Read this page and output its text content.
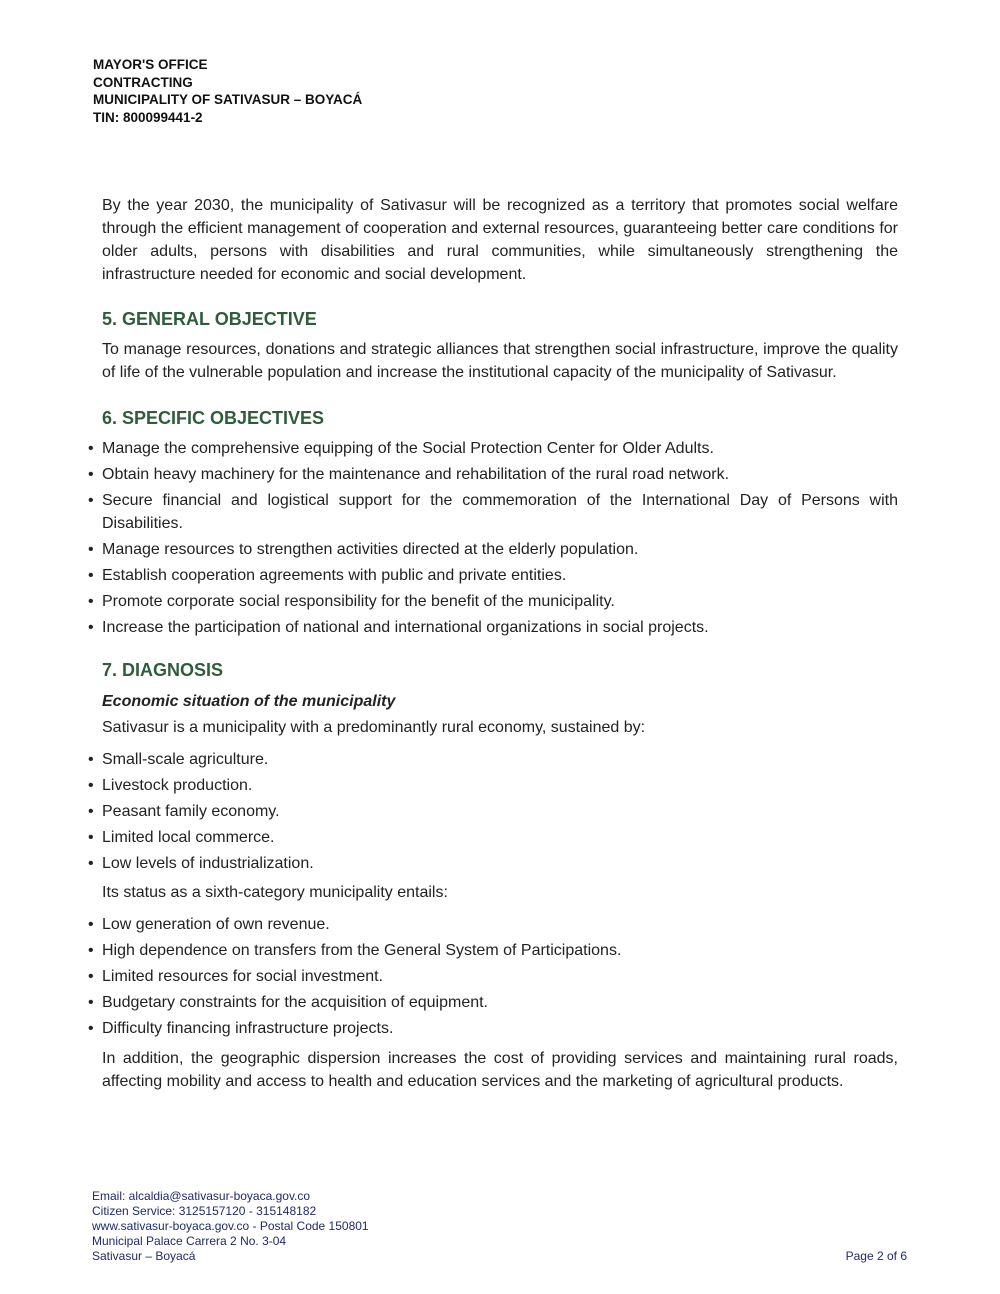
MAYOR'S OFFICE
CONTRACTING
MUNICIPALITY OF SATIVASUR – BOYACÁ
TIN: 800099441-2

By the year 2030, the municipality of Sativasur will be recognized as a territory that promotes social welfare through the efficient management of cooperation and external resources, guaranteeing better care conditions for older adults, persons with disabilities and rural communities, while simultaneously strengthening the infrastructure needed for economic and social development.

5. GENERAL OBJECTIVE

To manage resources, donations and strategic alliances that strengthen social infrastructure, improve the quality of life of the vulnerable population and increase the institutional capacity of the municipality of Sativasur.

6. SPECIFIC OBJECTIVES
• Manage the comprehensive equipping of the Social Protection Center for Older Adults.
• Obtain heavy machinery for the maintenance and rehabilitation of the rural road network.
• Secure financial and logistical support for the commemoration of the International Day of Persons with Disabilities.
• Manage resources to strengthen activities directed at the elderly population.
• Establish cooperation agreements with public and private entities.
• Promote corporate social responsibility for the benefit of the municipality.
• Increase the participation of national and international organizations in social projects.
7. DIAGNOSIS
Economic situation of the municipality

Sativasur is a municipality with a predominantly rural economy, sustained by:

• Small-scale agriculture.
• Livestock production.
• Peasant family economy.
• Limited local commerce.
• Low levels of industrialization.

Its status as a sixth-category municipality entails:

• Low generation of own revenue.
• High dependence on transfers from the General System of Participations.
• Limited resources for social investment.
• Budgetary constraints for the acquisition of equipment.
• Difficulty financing infrastructure projects.

In addition, the geographic dispersion increases the cost of providing services and maintaining rural roads, affecting mobility and access to health and education services and the marketing of agricultural products.

Email: alcaldia@sativasur-boyaca.gov.co
Citizen Service: 3125157120 - 315148182
www.sativasur-boyaca.gov.co - Postal Code 150801
Municipal Palace Carrera 2 No. 3-04
Sativasur – Boyacá	Page 2 of 6
